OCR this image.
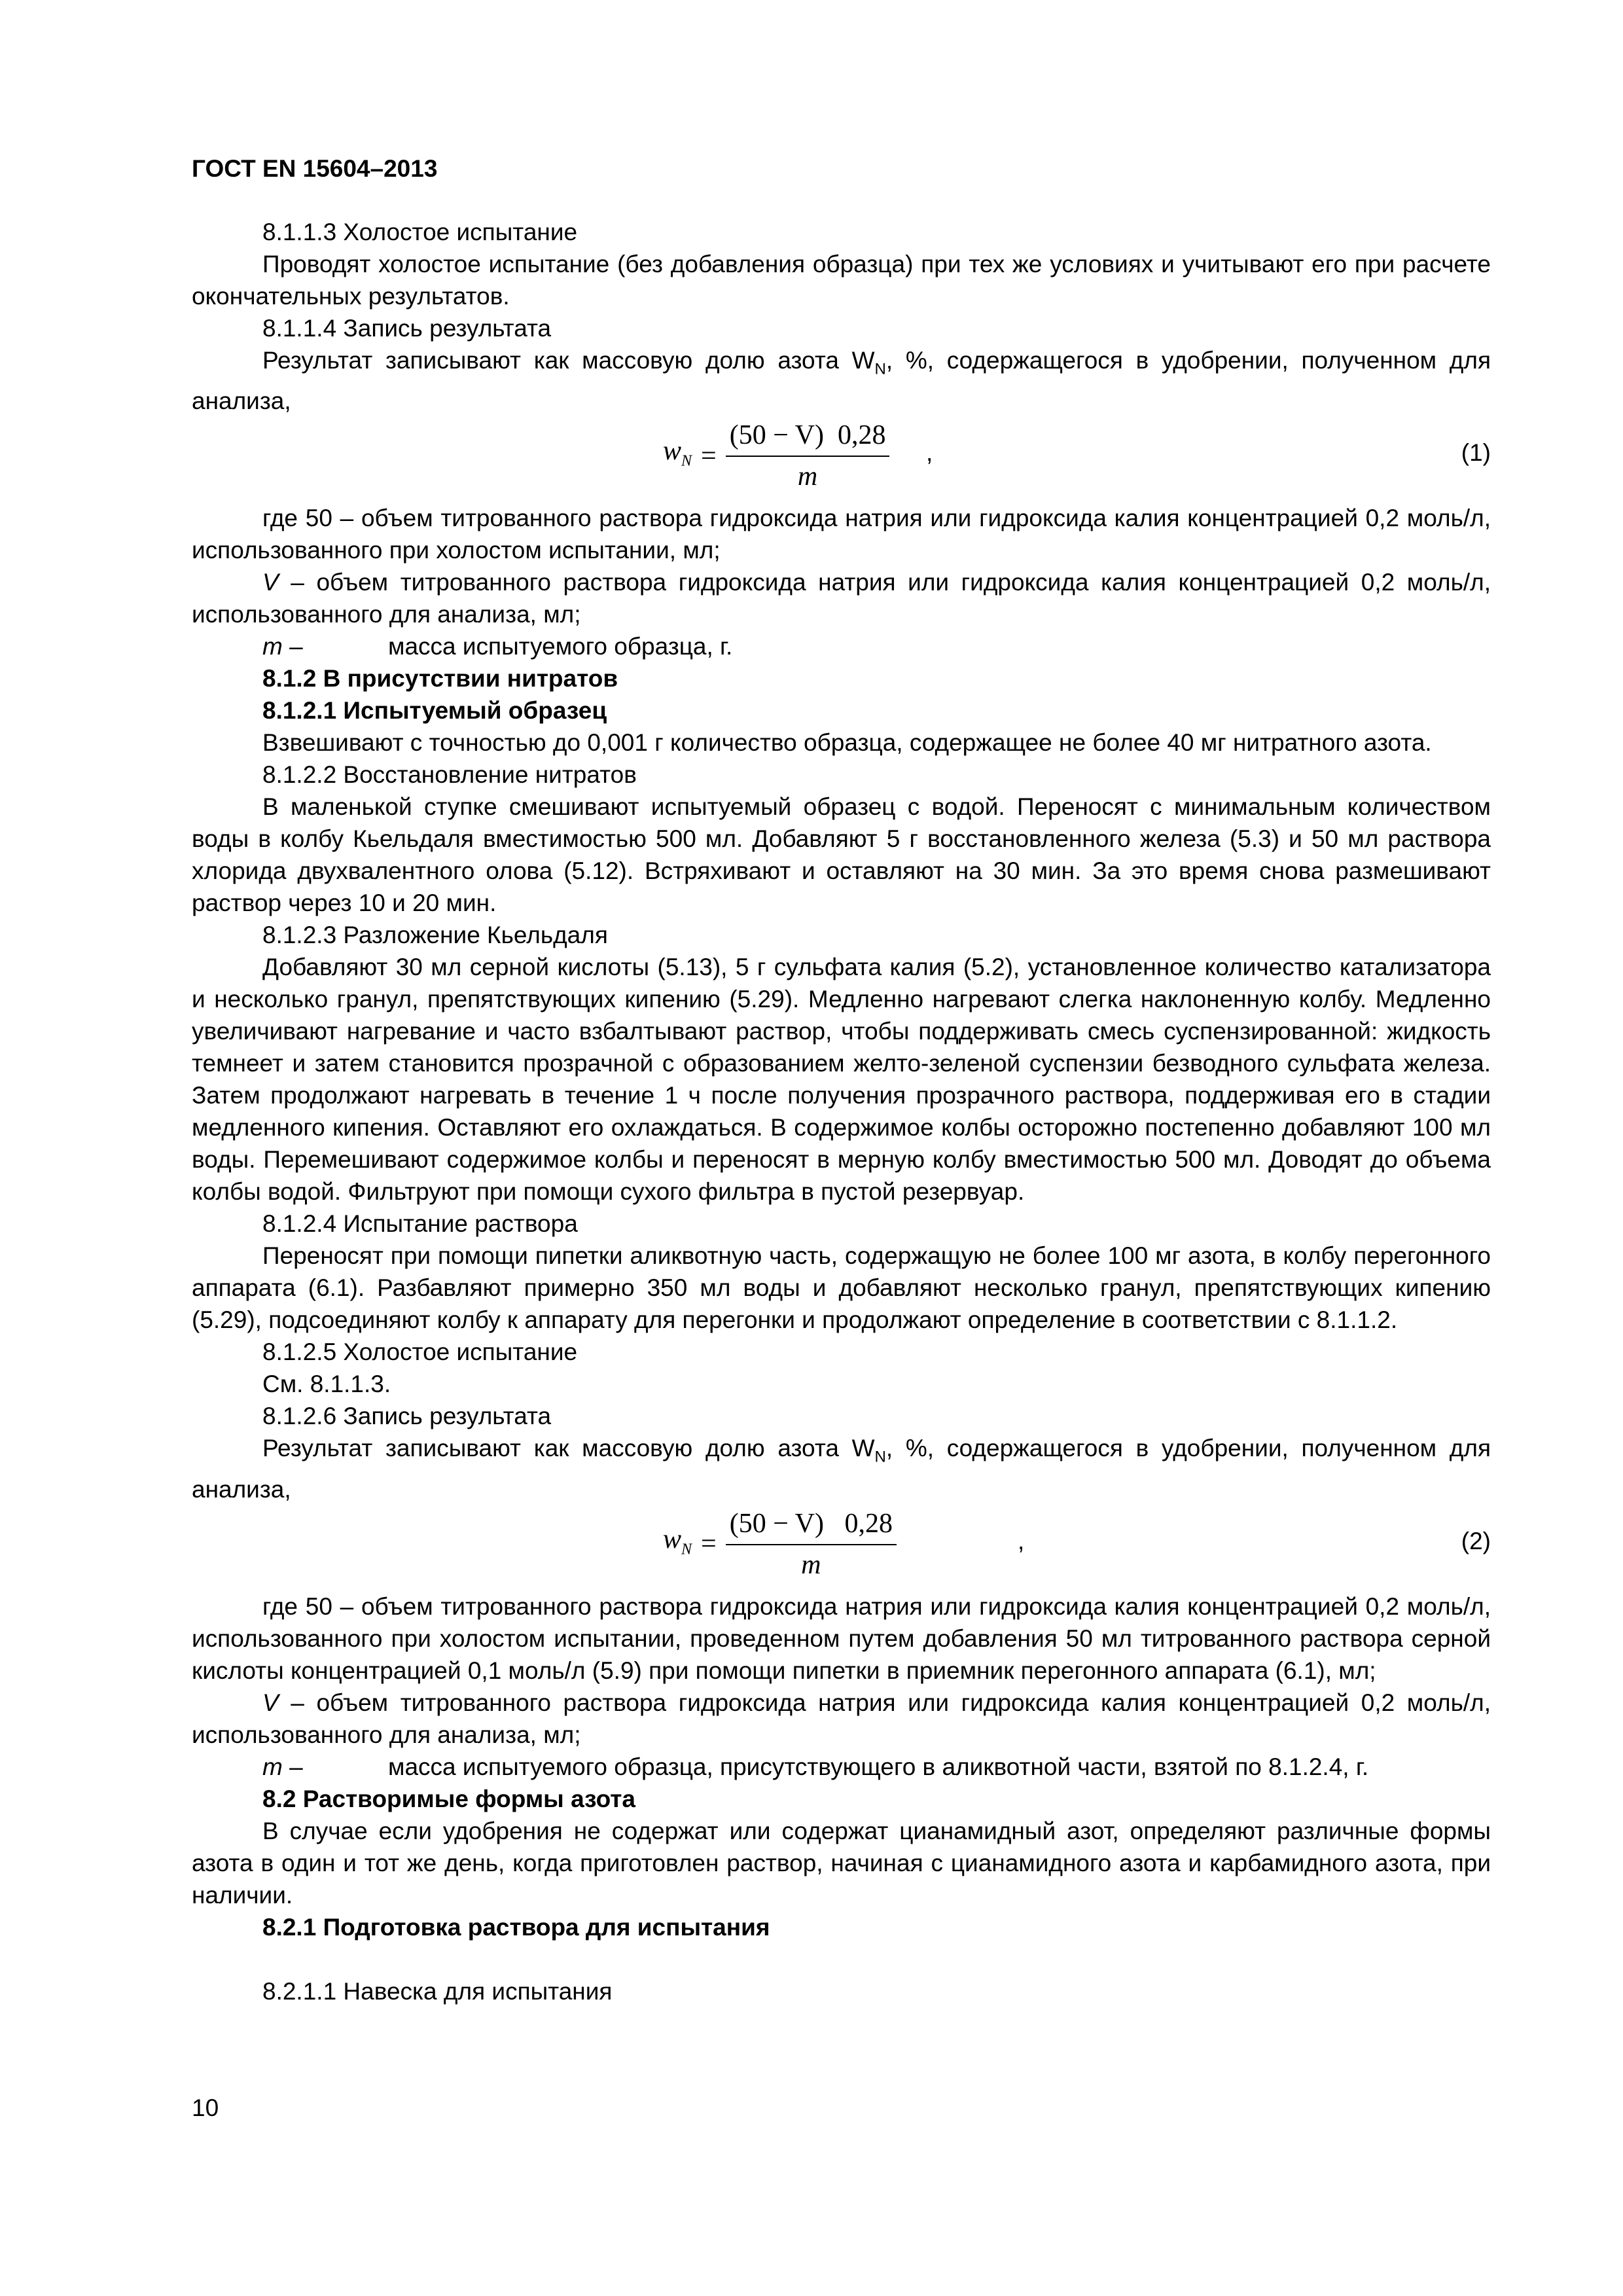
ГОСТ EN 15604–2013

8.1.1.3 Холостое испытание

Проводят холостое испытание (без добавления образца) при тех же условиях и учитывают его при расчете окончательных результатов.

8.1.1.4 Запись результата

Результат записывают как массовую долю азота $W_N$, %, содержащегося в удобрении, полученном для анализа,

$w_N = \frac{(50 - V) 0,28}{m}$ ,	(1)

где 50 – объем титрованного раствора гидроксида натрия или гидроксида калия концентрацией 0,2 моль/л, использованного при холостом испытании, мл;

V – объем титрованного раствора гидроксида натрия или гидроксида калия концентрацией 0,2 моль/л, использованного для анализа, мл;

m –	масса испытуемого образца, г.

8.1.2 В присутствии нитратов

8.1.2.1 Испытуемый образец

Взвешивают с точностью до 0,001 г количество образца, содержащее не более 40 мг нитратного азота.

8.1.2.2 Восстановление нитратов

В маленькой ступке смешивают испытуемый образец с водой. Переносят с минимальным количеством воды в колбу Кьельдаля вместимостью 500 мл. Добавляют 5 г восстановленного железа (5.3) и 50 мл раствора хлорида двухвалентного олова (5.12). Встряхивают и оставляют на 30 мин. За это время снова размешивают раствор через 10 и 20 мин.

8.1.2.3 Разложение Кьельдаля

Добавляют 30 мл серной кислоты (5.13), 5 г сульфата калия (5.2), установленное количество катализатора и несколько гранул, препятствующих кипению (5.29). Медленно нагревают слегка наклоненную колбу. Медленно увеличивают нагревание и часто взбалтывают раствор, чтобы поддерживать смесь суспензированной: жидкость темнеет и затем становится прозрачной с образованием желто-зеленой суспензии безводного сульфата железа. Затем продолжают нагревать в течение 1 ч после получения прозрачного раствора, поддерживая его в стадии медленного кипения. Оставляют его охлаждаться. В содержимое колбы осторожно постепенно добавляют 100 мл воды. Перемешивают содержимое колбы и переносят в мерную колбу вместимостью 500 мл. Доводят до объема колбы водой. Фильтруют при помощи сухого фильтра в пустой резервуар.

8.1.2.4 Испытание раствора

Переносят при помощи пипетки аликвотную часть, содержащую не более 100 мг азота, в колбу перегонного аппарата (6.1). Разбавляют примерно 350 мл воды и добавляют несколько гранул, препятствующих кипению (5.29), подсоединяют колбу к аппарату для перегонки и продолжают определение в соответствии с 8.1.1.2.

8.1.2.5 Холостое испытание

См. 8.1.1.3.

8.1.2.6 Запись результата

Результат записывают как массовую долю азота $W_N$, %, содержащегося в удобрении, полученном для анализа,

$w_N = \frac{(50 - V) 0,28}{m}$	,	(2)

где 50 – объем титрованного раствора гидроксида натрия или гидроксида калия концентрацией 0,2 моль/л, использованного при холостом испытании, проведенном путем добавления 50 мл титрованного раствора серной кислоты концентрацией 0,1 моль/л (5.9) при помощи пипетки в приемник перегонного аппарата (6.1), мл;

V – объем титрованного раствора гидроксида натрия или гидроксида калия концентрацией 0,2 моль/л, использованного для анализа, мл;

m –	масса испытуемого образца, присутствующего в аликвотной части, взятой по 8.1.2.4, г.

8.2 Растворимые формы азота

В случае если удобрения не содержат или содержат цианамидный азот, определяют различные формы азота в один и тот же день, когда приготовлен раствор, начиная с цианамидного азота и карбамидного азота, при наличии.

8.2.1 Подготовка раствора для испытания

8.2.1.1 Навеска для испытания

10
